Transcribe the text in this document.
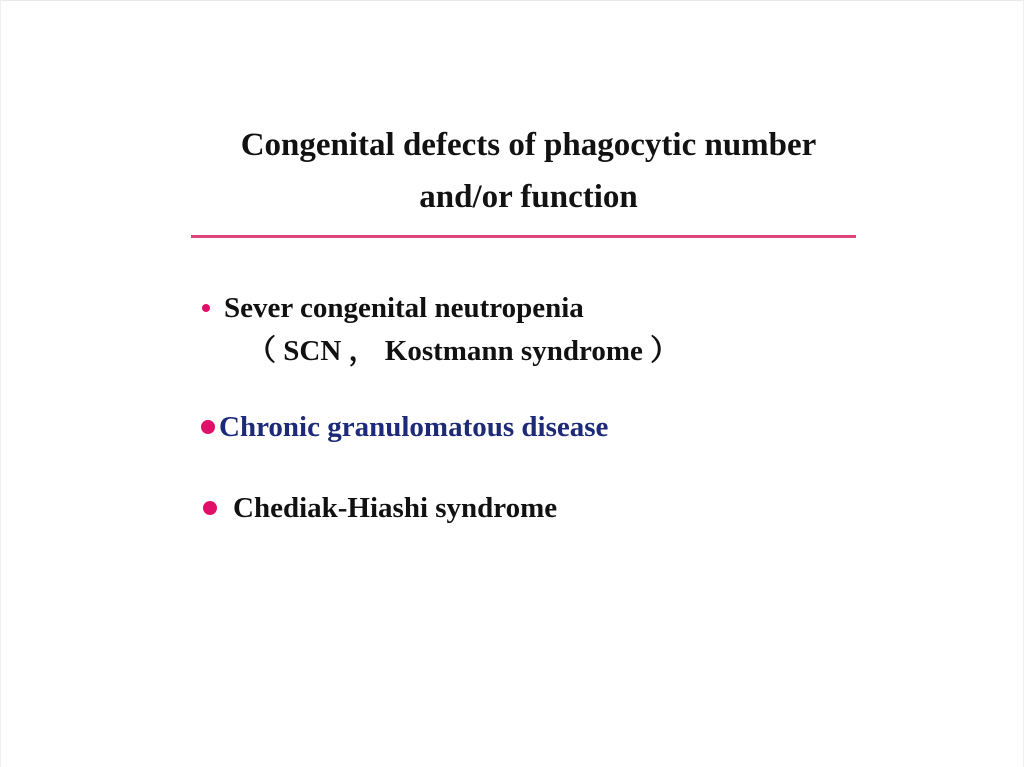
Congenital defects of phagocytic number
and/or function
Sever congenital neutropenia
（ SCN ， Kostmann syndrome ）
Chronic granulomatous disease
Chediak-Hiashi syndrome
